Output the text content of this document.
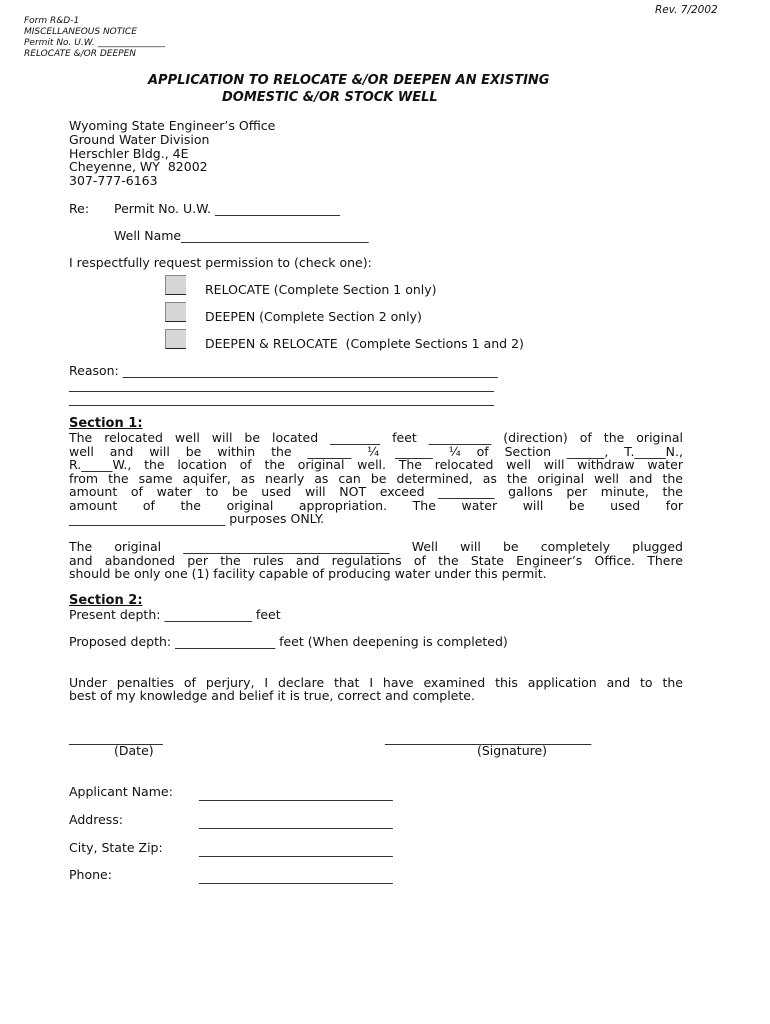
Rev. 7/2002
Form R&D-1
MISCELLANEOUS NOTICE
Permit No. U.W. _______________
RELOCATE &/OR DEEPEN
APPLICATION TO RELOCATE &/OR DEEPEN AN EXISTING
DOMESTIC &/OR STOCK WELL
Wyoming State Engineer’s Office
Ground Water Division
Herschler Bldg., 4E
Cheyenne, WY  82002
307-777-6163
Re: Permit No. U.W. ____________________
Well Name______________________________
I respectfully request permission to (check one):
RELOCATE (Complete Section 1 only)
DEEPEN (Complete Section 2 only)
DEEPEN & RELOCATE  (Complete Sections 1 and 2)
Reason: ____________________________________________________________
____________________________________________________________________
____________________________________________________________________
Section 1:
The relocated well will be located ________ feet __________ (direction) of the original
well and will be within the _______ ¼ ______ ¼ of Section ______, T._____N.,
R._____W., the location of the original well. The relocated well will withdraw water
from the same aquifer, as nearly as can be determined, as the original well and the
amount of water to be used will NOT exceed _________ gallons per minute, the
amount of the original appropriation. The water will be used for
_________________________ purposes ONLY.
The original _________________________________ Well will be completely plugged
and abandoned per the rules and regulations of the State Engineer’s Office. There
should be only one (1) facility capable of producing water under this permit.
Section 2:
Present depth: ______________ feet
Proposed depth: ________________ feet (When deepening is completed)
Under penalties of perjury, I declare that I have examined this application and to the
best of my knowledge and belief it is true, correct and complete.
_______________
(Date)
_________________________________
(Signature)
Applicant Name: _______________________________
Address:	_______________________________
City, State Zip:	_______________________________
Phone:	_______________________________
